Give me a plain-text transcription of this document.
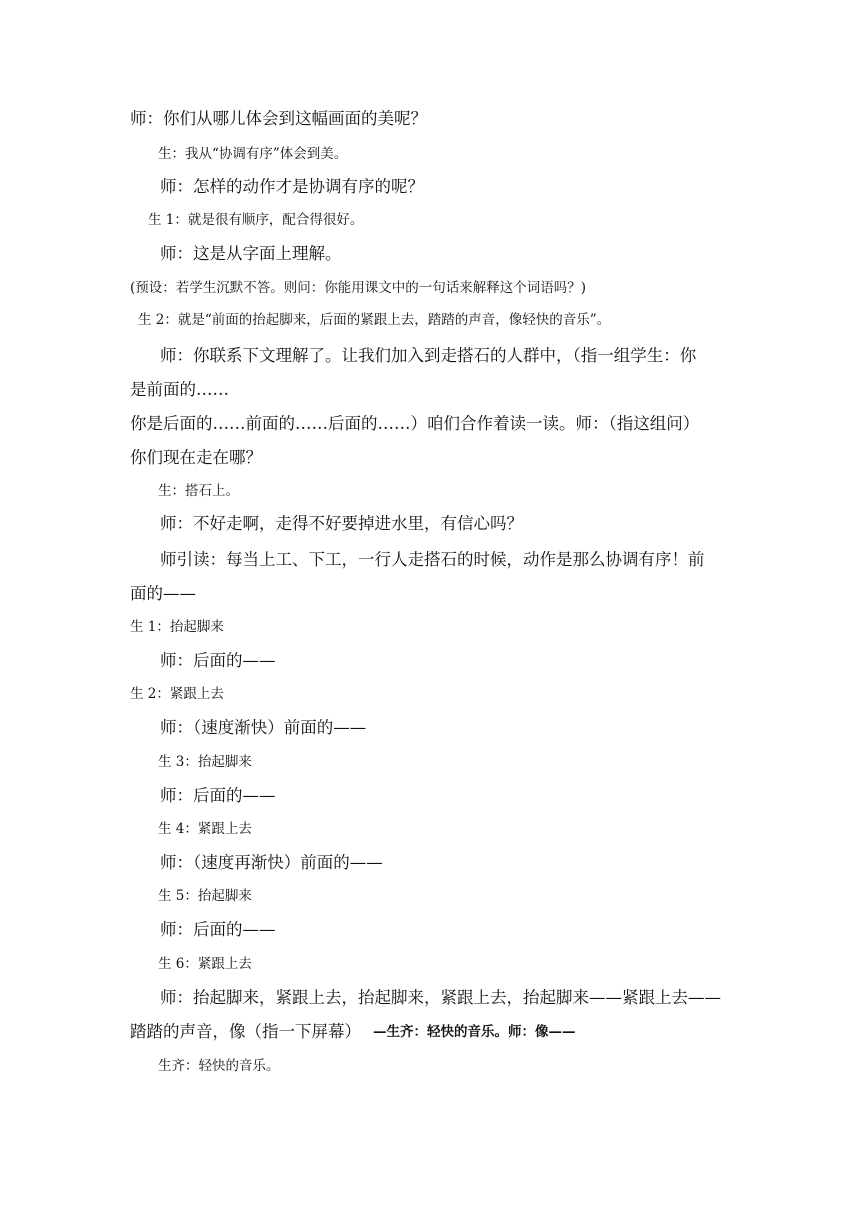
师：你们从哪儿体会到这幅画面的美呢？
生：我从“协调有序”体会到美。
师：怎样的动作才是协调有序的呢？
生 1：就是很有顺序，配合得很好。
师：这是从字面上理解。
(预设：若学生沉默不答。则问：你能用课文中的一句话来解释这个词语吗？)
生 2：就是“前面的抬起脚来，后面的紧跟上去，踏踏的声音，像轻快的音乐”。
师：你联系下文理解了。让我们加入到走搭石的人群中，（指一组学生：你
是前面的……
你是后面的……前面的……后面的……）咱们合作着读一读。师：（指这组问）
你们现在走在哪？
生：搭石上。
师：不好走啊，走得不好要掉进水里，有信心吗？
师引读：每当上工、下工，一行人走搭石的时候，动作是那么协调有序！前
面的——
生 1：抬起脚来
师：后面的——
生 2：紧跟上去
师：（速度渐快）前面的——
生 3：抬起脚来
师：后面的——
生 4：紧跟上去
师：（速度再渐快）前面的——
生 5：抬起脚来
师：后面的——
生 6：紧跟上去
师：抬起脚来，紧跟上去，抬起脚来，紧跟上去，抬起脚来——紧跟上去——
踏踏的声音，像（指一下屏幕） —生齐：轻快的音乐。师：像——
生齐：轻快的音乐。
